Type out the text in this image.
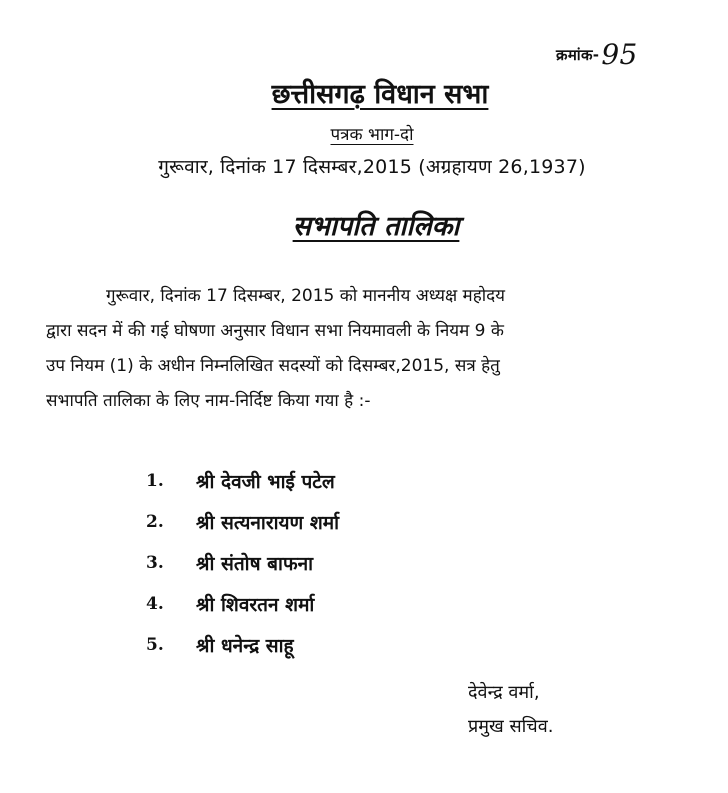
क्रमांक-95
छत्तीसगढ़ विधान सभा
पत्रक भाग-दो
गुरूवार, दिनांक 17 दिसम्बर,2015 (अग्रहायण 26,1937)
सभापति तालिका
गुरूवार, दिनांक 17 दिसम्बर, 2015 को माननीय अध्यक्ष महोदय
द्वारा सदन में की गई घोषणा अनुसार विधान सभा नियमावली के नियम 9 के
उप नियम (1) के अधीन निम्नलिखित सदस्यों को दिसम्बर,2015, सत्र हेतु
सभापति तालिका के लिए नाम-निर्दिष्ट किया गया है :-
1.	श्री देवजी भाई पटेल
2.	श्री सत्यनारायण शर्मा
3.	श्री संतोष बाफना
4.	श्री शिवरतन शर्मा
5.	श्री धनेन्द्र साहू
देवेन्द्र वर्मा,
प्रमुख सचिव.
